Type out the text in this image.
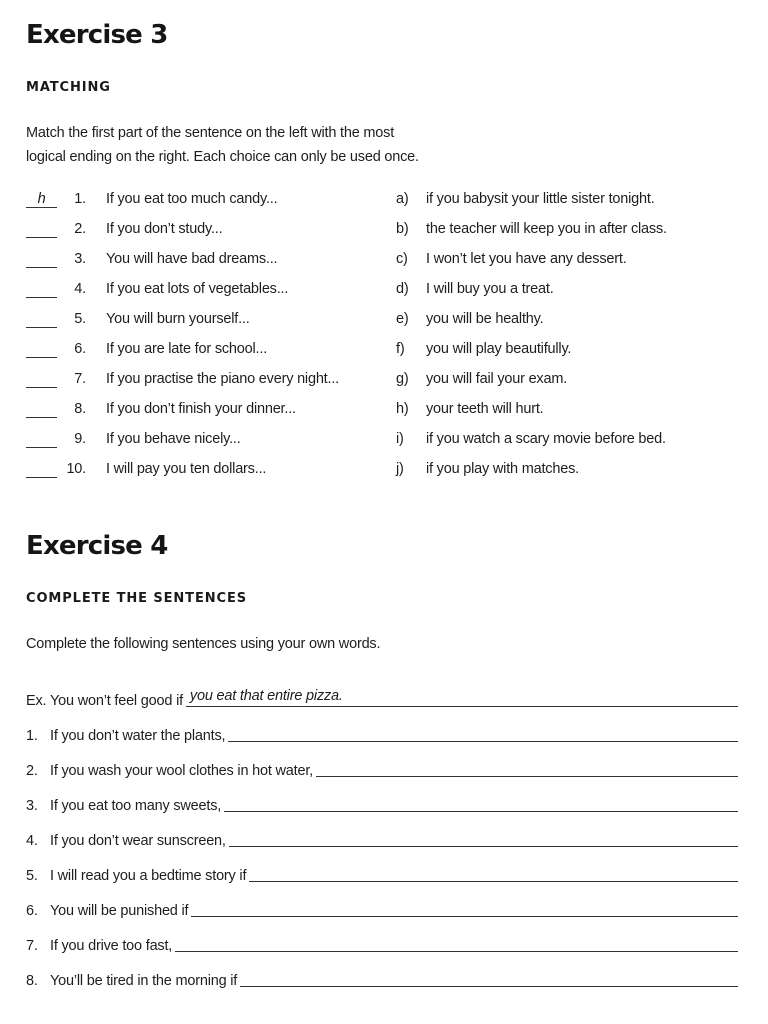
Exercise 3
MATCHING

Match the first part of the sentence on the left with the most
logical ending on the right. Each choice can only be used once.

h	1. If you eat too much candy...	a) if you babysit your little sister tonight.
2. If you don’t study...	b) the teacher will keep you in after class.
3. You will have bad dreams...	c) I won’t let you have any dessert.
4. If you eat lots of vegetables...	d) I will buy you a treat.
5. You will burn yourself...	e) you will be healthy.
6. If you are late for school...	f) you will play beautifully.
7. If you practise the piano every night...	g) you will fail your exam.
8. If you don’t finish your dinner...	h) your teeth will hurt.
9. If you behave nicely...	i) if you watch a scary movie before bed.
10. I will pay you ten dollars...	j) if you play with matches.
Exercise 4
COMPLETE THE SENTENCES

Complete the following sentences using your own words.

Ex. You won’t feel good if you eat that entire pizza.
1. If you don’t water the plants,
2. If you wash your wool clothes in hot water,
3. If you eat too many sweets,
4. If you don’t wear sunscreen,
5. I will read you a bedtime story if
6. You will be punished if
7. If you drive too fast,
8. You’ll be tired in the morning if
